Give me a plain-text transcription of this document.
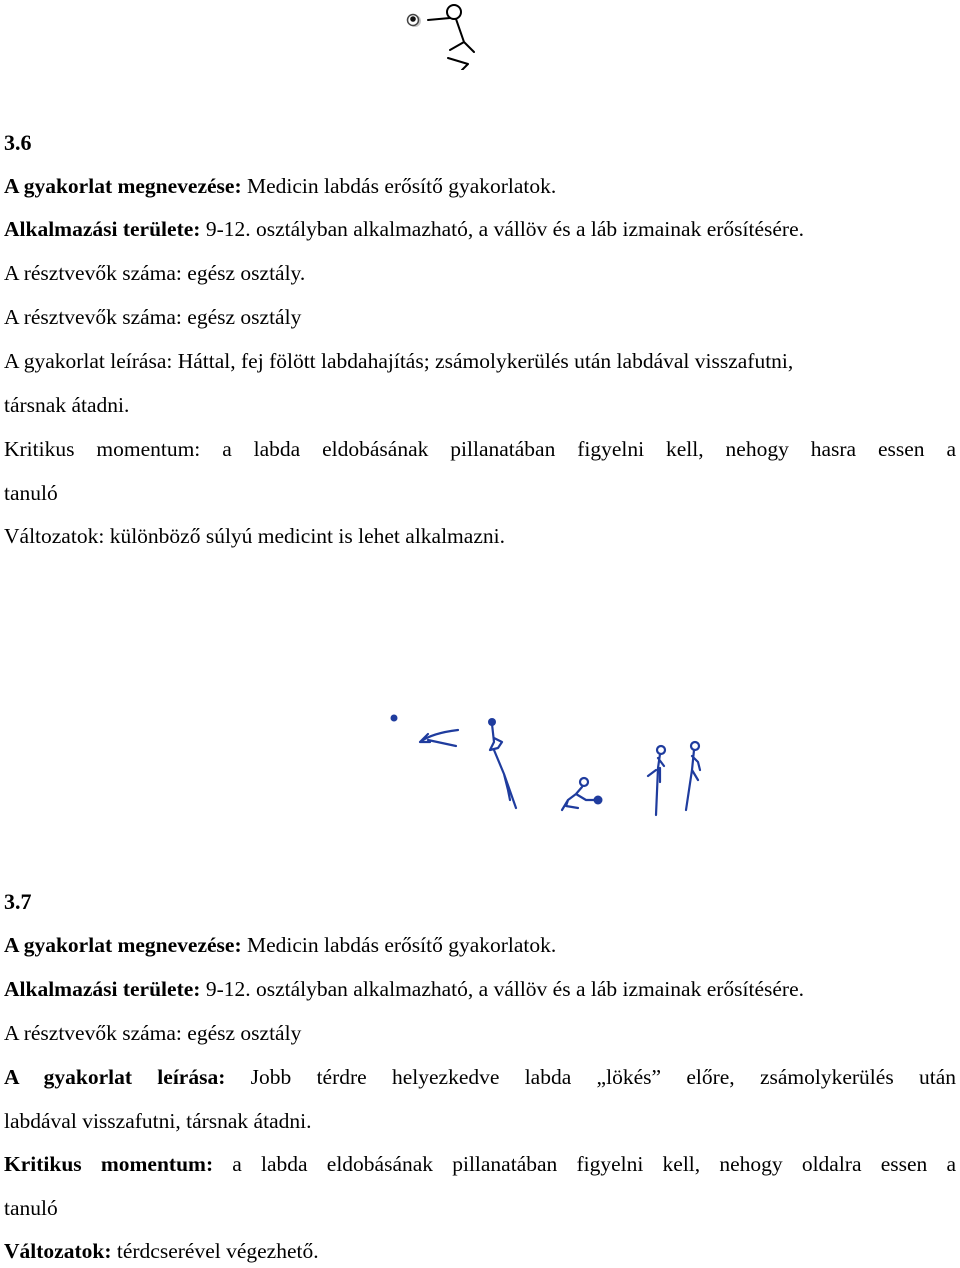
3.6
A gyakorlat megnevezése: Medicin labdás erősítő gyakorlatok.
Alkalmazási területe: 9-12. osztályban alkalmazható, a vállöv és a láb izmainak erősítésére.
A résztvevők száma: egész osztály.
A résztvevők száma: egész osztály
A gyakorlat leírása: Háttal, fej fölött labdahajítás; zsámolykerülés után labdával visszafutni,
társnak átadni.
Kritikus momentum: a labda eldobásának pillanatában figyelni kell, nehogy hasra essen a
tanuló
Változatok: különböző súlyú medicint is lehet alkalmazni.
3.7
A gyakorlat megnevezése: Medicin labdás erősítő gyakorlatok.
Alkalmazási területe: 9-12. osztályban alkalmazható, a vállöv és a láb izmainak erősítésére.
A résztvevők száma: egész osztály
A gyakorlat leírása: Jobb térdre helyezkedve labda „lökés” előre, zsámolykerülés után
labdával visszafutni, társnak átadni.
Kritikus momentum: a labda eldobásának pillanatában figyelni kell, nehogy oldalra essen a
tanuló
Változatok: térdcserével végezhető.
